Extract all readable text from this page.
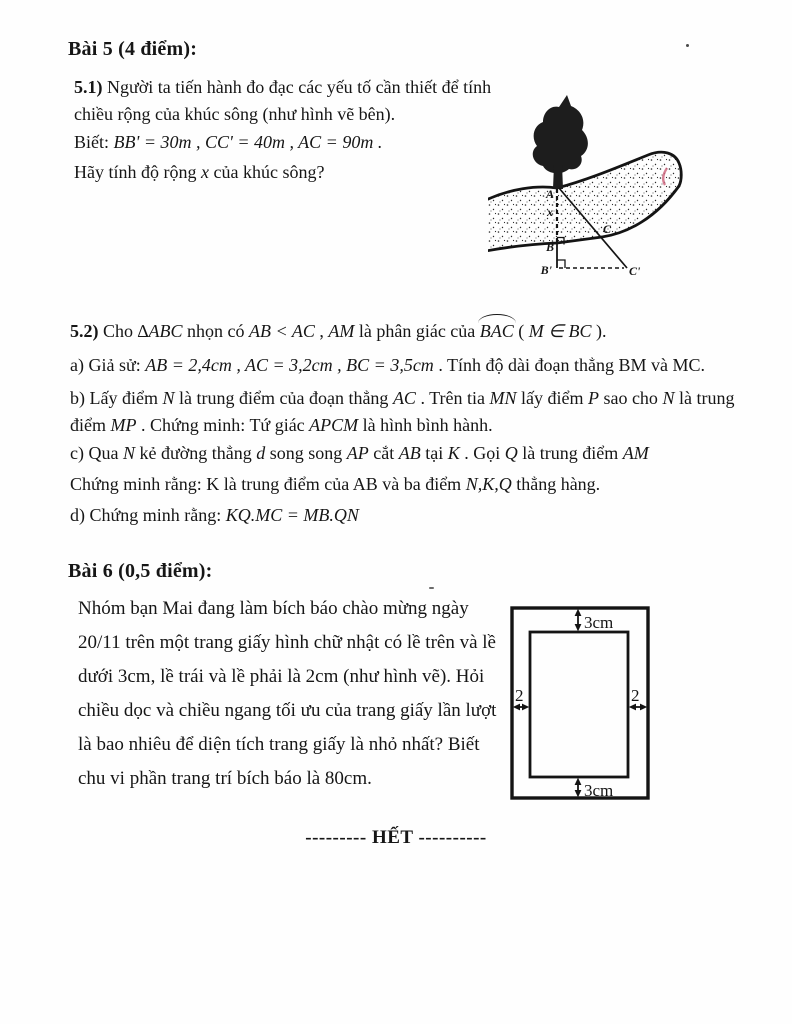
Bài 5 (4 điểm):

5.1) Người ta tiến hành đo đạc các yếu tố cần thiết để tính chiều rộng của khúc sông (như hình vẽ bên).

Biết: BB' = 30m , CC' = 40m , AC = 90m .

Hãy tính độ rộng x của khúc sông?

A
x
B
C
B'	C'

5.2) Cho ∆ABC nhọn có AB < AC , AM là phân giác của BAC ( M ∈ BC ).

a) Giả sử: AB = 2,4cm , AC = 3,2cm , BC = 3,5cm . Tính độ dài đoạn thẳng BM và MC.

b) Lấy điểm N là trung điểm của đoạn thẳng AC . Trên tia MN lấy điểm P sao cho N là trung điểm MP . Chứng minh: Tứ giác APCM là hình bình hành.

c) Qua N kẻ đường thẳng d song song AP cắt AB tại K . Gọi Q là trung điểm AM

Chứng minh rằng: K là trung điểm của AB và ba điểm N,K,Q thẳng hàng.

d) Chứng minh rằng: KQ.MC = MB.QN

Bài 6 (0,5 điểm):
Nhóm bạn Mai đang làm bích báo chào mừng ngày
20/11 trên một trang giấy hình chữ nhật có lề trên và lề
dưới 3cm, lề trái và lề phải là 2cm (như hình vẽ). Hỏi
chiều dọc và chiều ngang tối ưu của trang giấy lần lượt
là bao nhiêu để diện tích trang giấy là nhỏ nhất? Biết
chu vi phần trang trí bích báo là 80cm.
3cm
3cm
2	2

--------- HẾT ----------
